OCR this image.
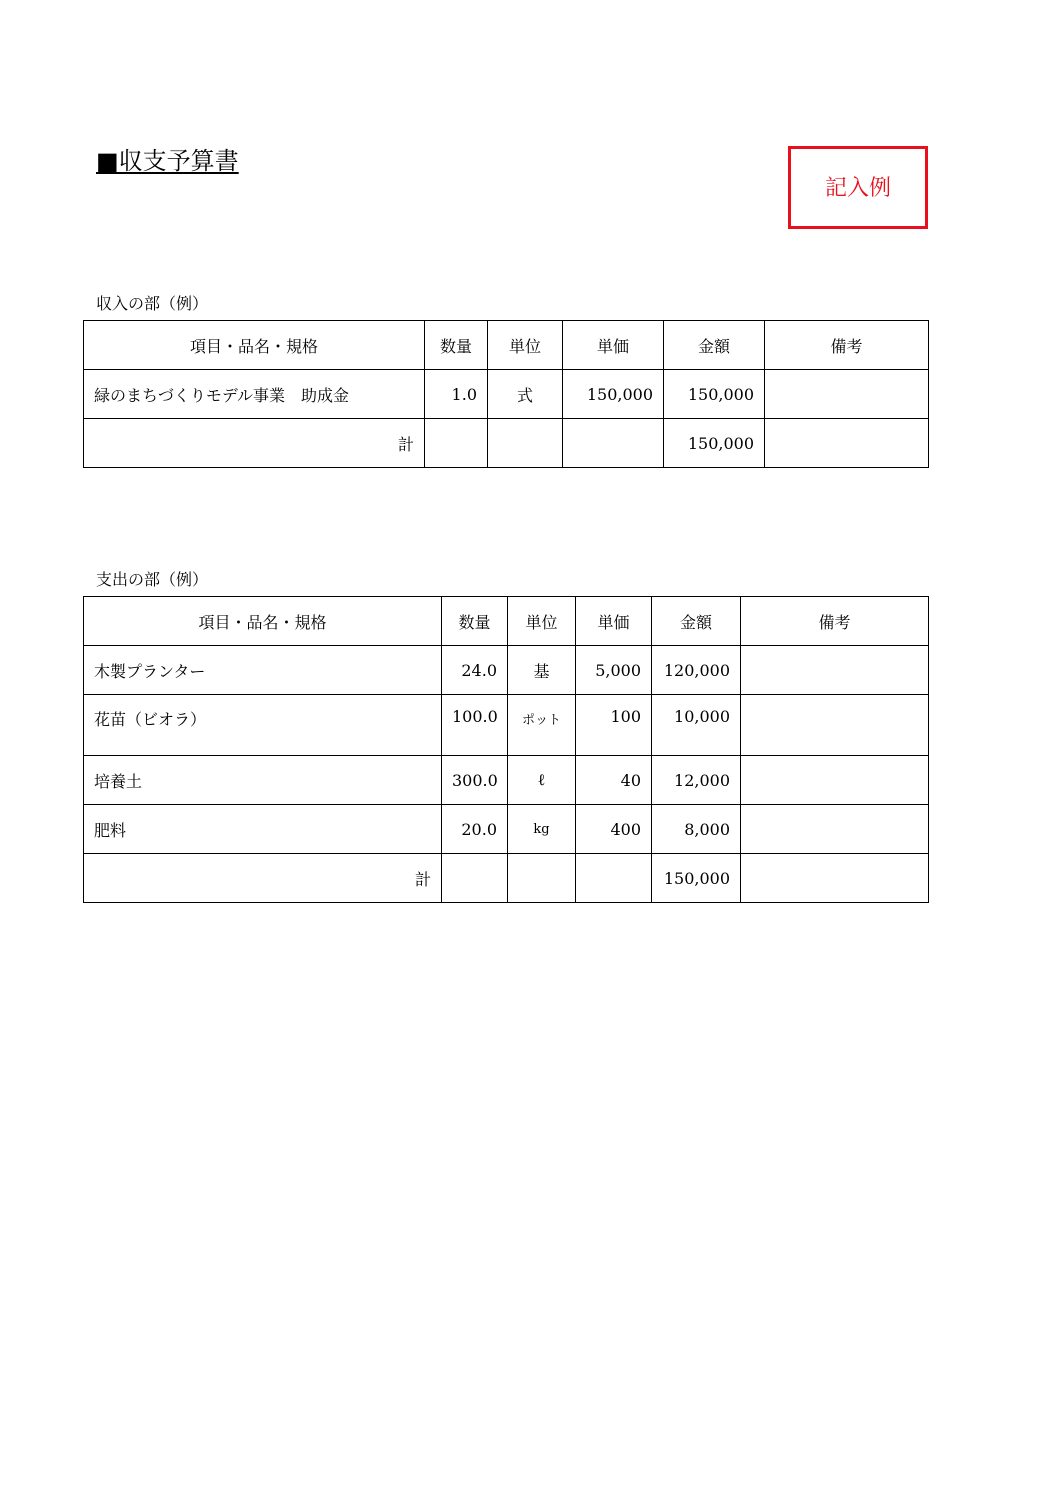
■収支予算書
記入例
収入の部（例）
項目・品名・規格	数量	単位	単価	金額	備考
緑のまちづくりモデル事業　助成金	1.0	式	150,000	150,000	
計				150,000	
支出の部（例）
項目・品名・規格	数量	単位	単価	金額	備考
木製プランター	24.0	基	5,000	120,000	
花苗（ビオラ）	100.0	ポット	100	10,000	
培養土	300.0	ℓ	40	12,000	
肥料	20.0	kg	400	8,000	
計				150,000	
